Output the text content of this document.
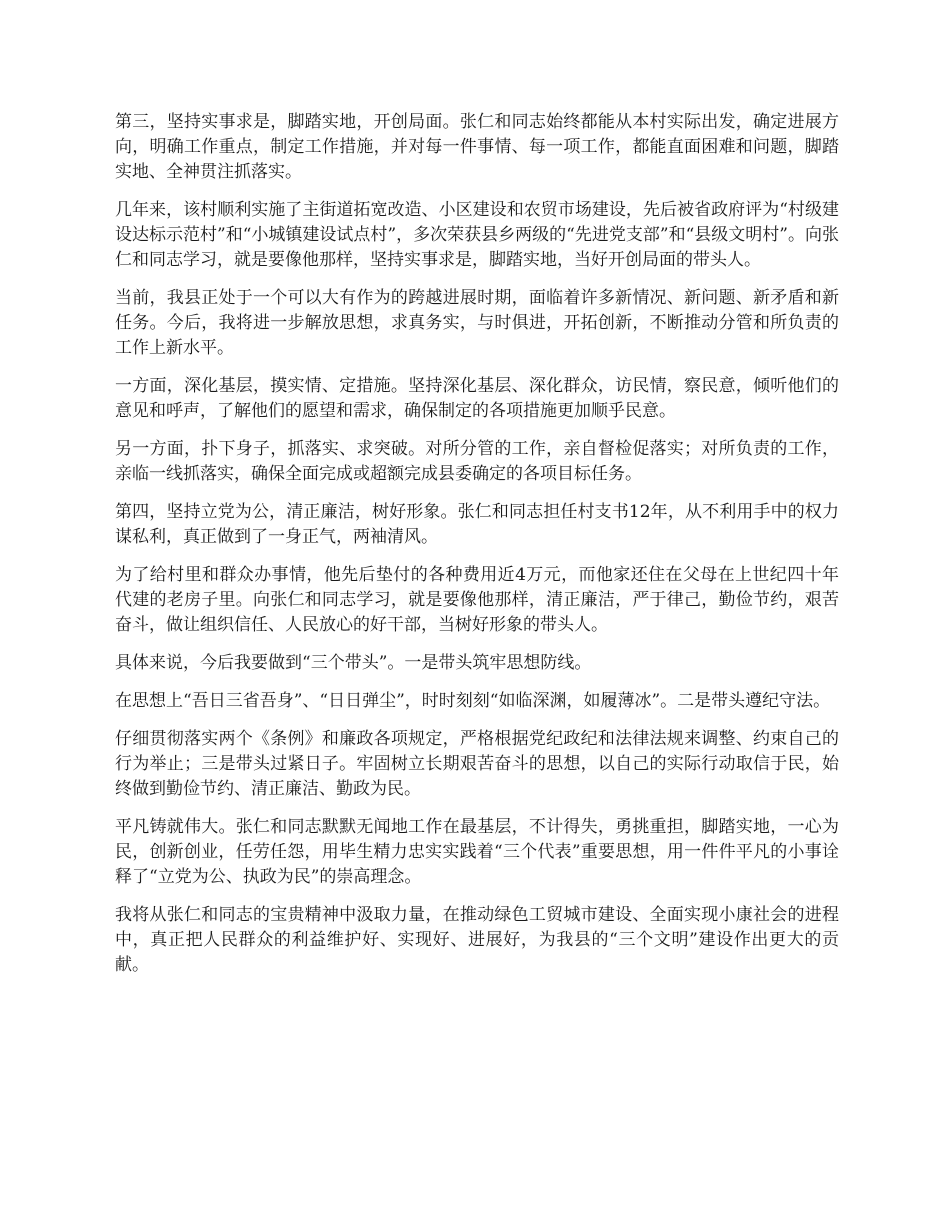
第三，坚持实事求是，脚踏实地，开创局面。张仁和同志始终都能从本村实际出发，确定进展方向，明确工作重点，制定工作措施，并对每一件事情、每一项工作，都能直面困难和问题，脚踏实地、全神贯注抓落实。

几年来，该村顺利实施了主街道拓宽改造、小区建设和农贸市场建设，先后被省政府评为“村级建设达标示范村”和“小城镇建设试点村”，多次荣获县乡两级的“先进党支部”和“县级文明村”。向张仁和同志学习，就是要像他那样，坚持实事求是，脚踏实地，当好开创局面的带头人。

当前，我县正处于一个可以大有作为的跨越进展时期，面临着许多新情况、新问题、新矛盾和新任务。今后，我将进一步解放思想，求真务实，与时俱进，开拓创新，不断推动分管和所负责的工作上新水平。

一方面，深化基层，摸实情、定措施。坚持深化基层、深化群众，访民情，察民意，倾听他们的意见和呼声，了解他们的愿望和需求，确保制定的各项措施更加顺乎民意。

另一方面，扑下身子，抓落实、求突破。对所分管的工作，亲自督检促落实；对所负责的工作，亲临一线抓落实，确保全面完成或超额完成县委确定的各项目标任务。

第四，坚持立党为公，清正廉洁，树好形象。张仁和同志担任村支书12年，从不利用手中的权力谋私利，真正做到了一身正气，两袖清风。

为了给村里和群众办事情，他先后垫付的各种费用近4万元，而他家还住在父母在上世纪四十年代建的老房子里。向张仁和同志学习，就是要像他那样，清正廉洁，严于律己，勤俭节约，艰苦奋斗，做让组织信任、人民放心的好干部，当树好形象的带头人。

具体来说，今后我要做到“三个带头”。一是带头筑牢思想防线。

在思想上“吾日三省吾身”、“日日弹尘”，时时刻刻“如临深渊，如履薄冰”。二是带头遵纪守法。

仔细贯彻落实两个《条例》和廉政各项规定，严格根据党纪政纪和法律法规来调整、约束自己的行为举止；三是带头过紧日子。牢固树立长期艰苦奋斗的思想，以自己的实际行动取信于民，始终做到勤俭节约、清正廉洁、勤政为民。

平凡铸就伟大。张仁和同志默默无闻地工作在最基层，不计得失，勇挑重担，脚踏实地，一心为民，创新创业，任劳任怨，用毕生精力忠实实践着“三个代表”重要思想，用一件件平凡的小事诠释了“立党为公、执政为民”的崇高理念。

我将从张仁和同志的宝贵精神中汲取力量，在推动绿色工贸城市建设、全面实现小康社会的进程中，真正把人民群众的利益维护好、实现好、进展好，为我县的“三个文明”建设作出更大的贡献。
